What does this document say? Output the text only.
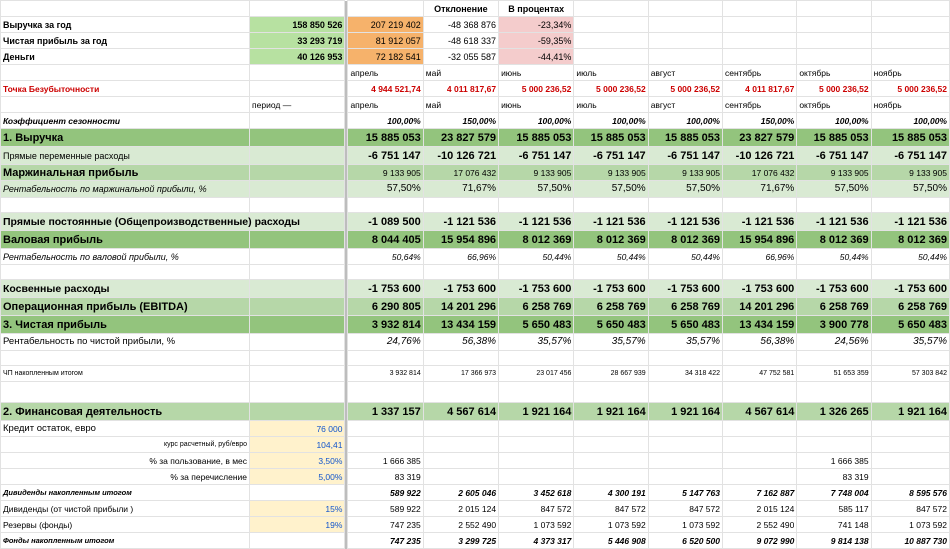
				Отклонение	В процентах					
Выручка за год	158 850 526		207 219 402	-48 368 876	-23,34%					
Чистая прибыль за год	33 293 719		81 912 057	-48 618 337	-59,35%					
Деньги	40 126 953		72 182 541	-32 055 587	-44,41%					
			апрель	май	июнь	июль	август	сентябрь	октябрь	ноябрь
Точка Безубыточности			4 944 521,74	4 011 817,67	5 000 236,52	5 000 236,52	5 000 236,52	4 011 817,67	5 000 236,52	5 000 236,52
	период —		апрель	май	июнь	июль	август	сентябрь	октябрь	ноябрь
Коэффициент сезонности			100,00%	150,00%	100,00%	100,00%	100,00%	150,00%	100,00%	100,00%
1. Выручка			15 885 053	23 827 579	15 885 053	15 885 053	15 885 053	23 827 579	15 885 053	15 885 053
Прямые переменные расходы			-6 751 147	-10 126 721	-6 751 147	-6 751 147	-6 751 147	-10 126 721	-6 751 147	-6 751 147
Маржинальная прибыль			9 133 905	17 076 432	9 133 905	9 133 905	9 133 905	17 076 432	9 133 905	9 133 905
Рентабельность по маржинальной прибыли, %			57,50%	71,67%	57,50%	57,50%	57,50%	71,67%	57,50%	57,50%

Прямые постоянные (Общепроизводственные) расходы			-1 089 500	-1 121 536	-1 121 536	-1 121 536	-1 121 536	-1 121 536	-1 121 536	-1 121 536
Валовая прибыль			8 044 405	15 954 896	8 012 369	8 012 369	8 012 369	15 954 896	8 012 369	8 012 369
Рентабельность по валовой прибыли, %			50,64%	66,96%	50,44%	50,44%	50,44%	66,96%	50,44%	50,44%

Косвенные расходы			-1 753 600	-1 753 600	-1 753 600	-1 753 600	-1 753 600	-1 753 600	-1 753 600	-1 753 600
Операционная прибыль (EBITDA)			6 290 805	14 201 296	6 258 769	6 258 769	6 258 769	14 201 296	6 258 769	6 258 769
3. Чистая прибыль			3 932 814	13 434 159	5 650 483	5 650 483	5 650 483	13 434 159	3 900 778	5 650 483
Рентабельность по чистой прибыли, %			24,76%	56,38%	35,57%	35,57%	35,57%	56,38%	24,56%	35,57%

ЧП накопленным итогом			3 932 814	17 366 973	23 017 456	28 667 939	34 318 422	47 752 581	51 653 359	57 303 842

2. Финансовая деятельность			1 337 157	4 567 614	1 921 164	1 921 164	1 921 164	4 567 614	1 326 265	1 921 164
Кредит остаток, евро	76 000									
курс расчетный, руб/евро	104,41									
% за пользование, в мес	3,50%		1 666 385						1 666 385	
% за перечисление	5,00%		83 319						83 319	
Дивиденды накопленным итогом			589 922	2 605 046	3 452 618	4 300 191	5 147 763	7 162 887	7 748 004	8 595 576
Дивиденды (от чистой прибыли )	15%		589 922	2 015 124	847 572	847 572	847 572	2 015 124	585 117	847 572
Резервы (фонды)	19%		747 235	2 552 490	1 073 592	1 073 592	1 073 592	2 552 490	741 148	1 073 592
Фонды накопленным итогом			747 235	3 299 725	4 373 317	5 446 908	6 520 500	9 072 990	9 814 138	10 887 730
